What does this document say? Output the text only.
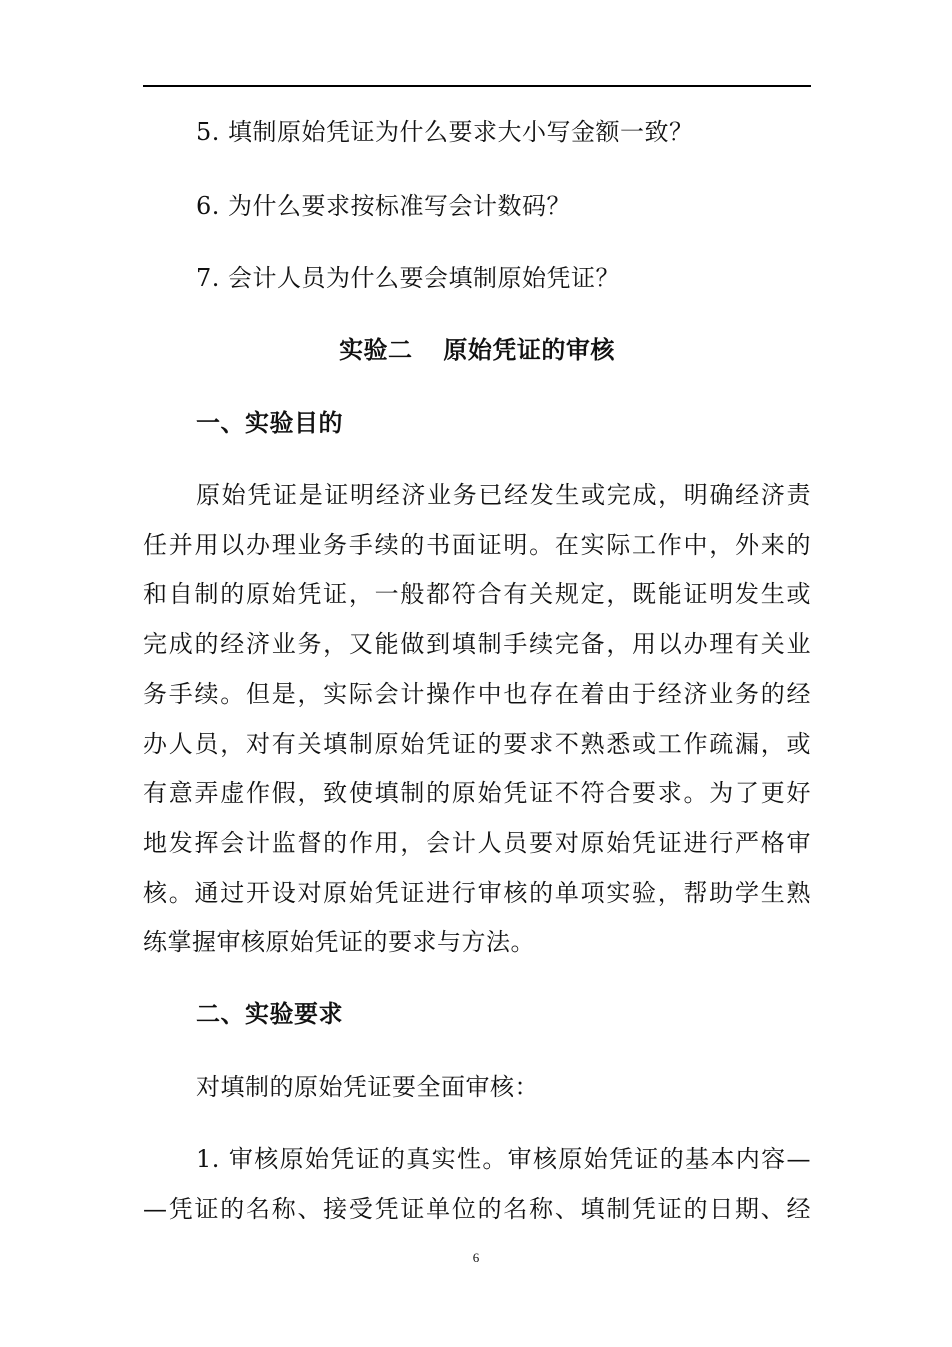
5. 填制原始凭证为什么要求大小写金额一致？
6. 为什么要求按标准写会计数码？
7. 会计人员为什么要会填制原始凭证？
实验二 原始凭证的审核
一、实验目的
原始凭证是证明经济业务已经发生或完成，明确经济责
任并用以办理业务手续的书面证明。在实际工作中，外来的
和自制的原始凭证，一般都符合有关规定，既能证明发生或
完成的经济业务，又能做到填制手续完备，用以办理有关业
务手续。但是，实际会计操作中也存在着由于经济业务的经
办人员，对有关填制原始凭证的要求不熟悉或工作疏漏，或
有意弄虚作假，致使填制的原始凭证不符合要求。为了更好
地发挥会计监督的作用，会计人员要对原始凭证进行严格审
核。通过开设对原始凭证进行审核的单项实验，帮助学生熟
练掌握审核原始凭证的要求与方法。
二、实验要求
对填制的原始凭证要全面审核：
1. 审核原始凭证的真实性。审核原始凭证的基本内容—
—凭证的名称、接受凭证单位的名称、填制凭证的日期、经
6
